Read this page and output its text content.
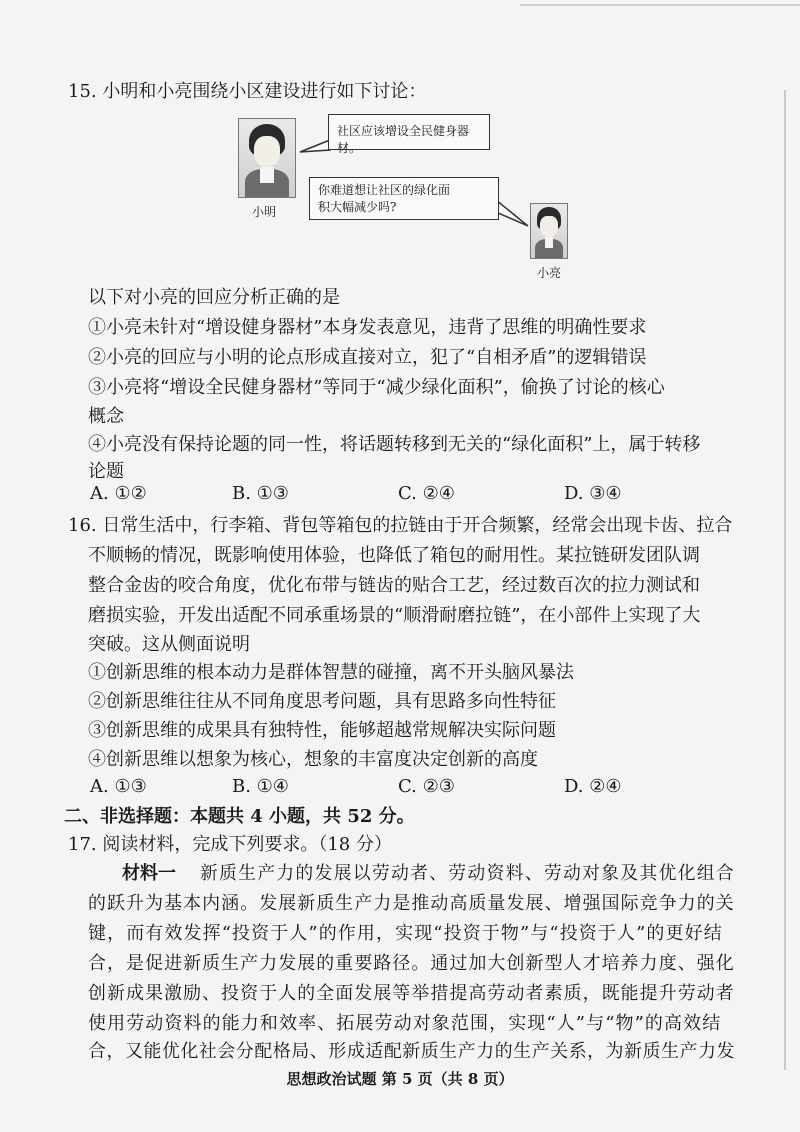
15. 小明和小亮围绕小区建设进行如下讨论：
小明
社区应该增设全民健身器材。
你难道想让社区的绿化面积大幅减少吗?
小亮
以下对小亮的回应分析正确的是
①小亮未针对“增设健身器材”本身发表意见，违背了思维的明确性要求
②小亮的回应与小明的论点形成直接对立，犯了“自相矛盾”的逻辑错误
③小亮将“增设全民健身器材”等同于“减少绿化面积”，偷换了讨论的核心
概念
④小亮没有保持论题的同一性，将话题转移到无关的“绿化面积”上，属于转移
论题
A. ①②	B. ①③	C. ②④	D. ③④
16. 日常生活中，行李箱、背包等箱包的拉链由于开合频繁，经常会出现卡齿、拉合
不顺畅的情况，既影响使用体验，也降低了箱包的耐用性。某拉链研发团队调
整合金齿的咬合角度，优化布带与链齿的贴合工艺，经过数百次的拉力测试和
磨损实验，开发出适配不同承重场景的“顺滑耐磨拉链”，在小部件上实现了大
突破。这从侧面说明
①创新思维的根本动力是群体智慧的碰撞，离不开头脑风暴法
②创新思维往往从不同角度思考问题，具有思路多向性特征
③创新思维的成果具有独特性，能够超越常规解决实际问题
④创新思维以想象为核心，想象的丰富度决定创新的高度
A. ①③	B. ①④	C. ②③	D. ②④
二、非选择题：本题共 4 小题，共 52 分。
17. 阅读材料，完成下列要求。（18 分）
材料一 新质生产力的发展以劳动者、劳动资料、劳动对象及其优化组合
的跃升为基本内涵。发展新质生产力是推动高质量发展、增强国际竞争力的关
键，而有效发挥“投资于人”的作用，实现“投资于物”与“投资于人”的更好结
合，是促进新质生产力发展的重要路径。通过加大创新型人才培养力度、强化
创新成果激励、投资于人的全面发展等举措提高劳动者素质，既能提升劳动者
使用劳动资料的能力和效率、拓展劳动对象范围，实现“人”与“物”的高效结
合，又能优化社会分配格局、形成适配新质生产力的生产关系，为新质生产力发
思想政治试题 第 5 页（共 8 页）
